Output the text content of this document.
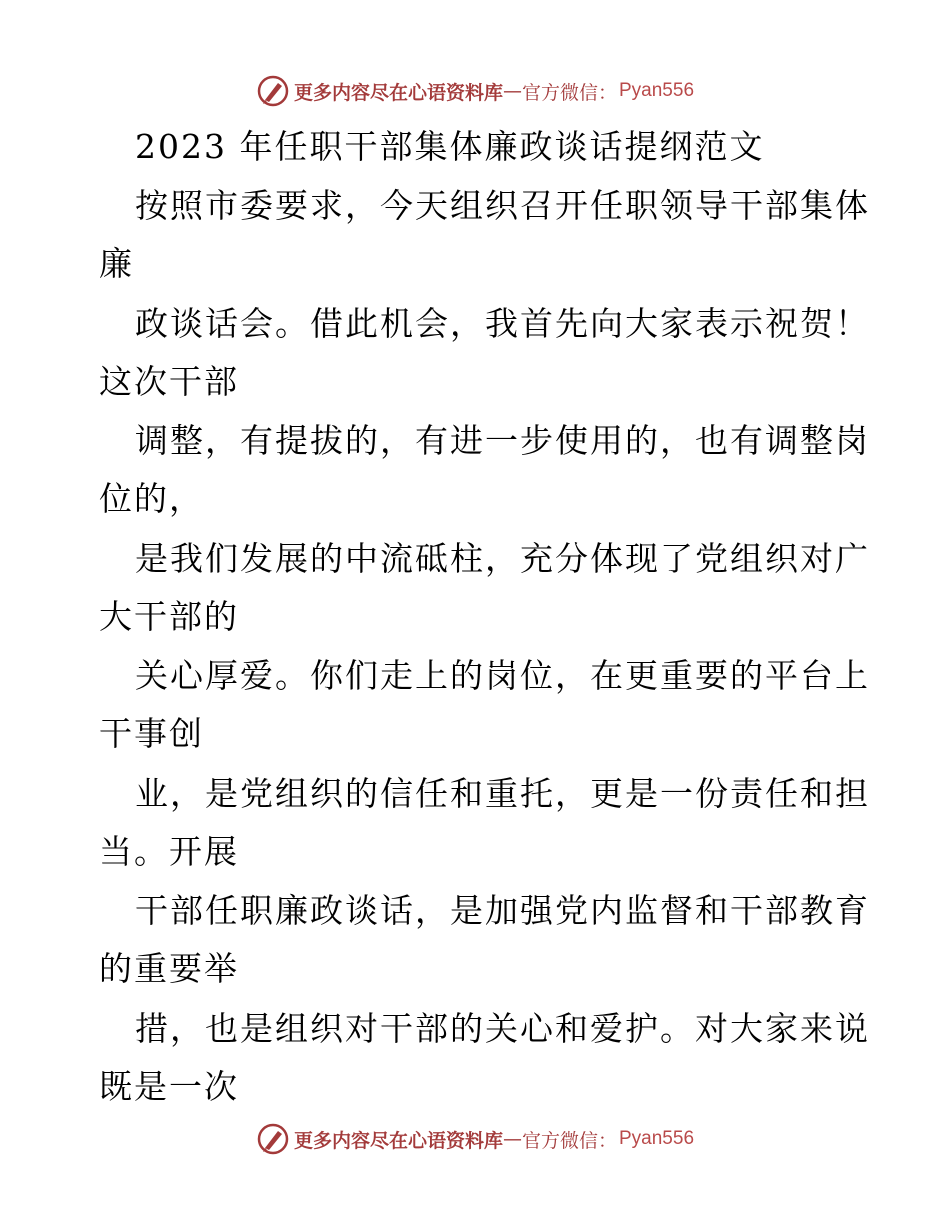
更多内容尽在心语资料库 — 官方微信： Pyan556
2023 年任职干部集体廉政谈话提纲范文
按照市委要求，今天组织召开任职领导干部集体
廉
政谈话会。借此机会，我首先向大家表示祝贺！
这次干部
调整，有提拔的，有进一步使用的，也有调整岗
位的，
是我们发展的中流砥柱，充分体现了党组织对广
大干部的
关心厚爱。你们走上的岗位，在更重要的平台上
干事创
业，是党组织的信任和重托，更是一份责任和担
当。开展
干部任职廉政谈话，是加强党内监督和干部教育
的重要举
措，也是组织对干部的关心和爱护。对大家来说
既是一次
更多内容尽在心语资料库 — 官方微信： Pyan556
